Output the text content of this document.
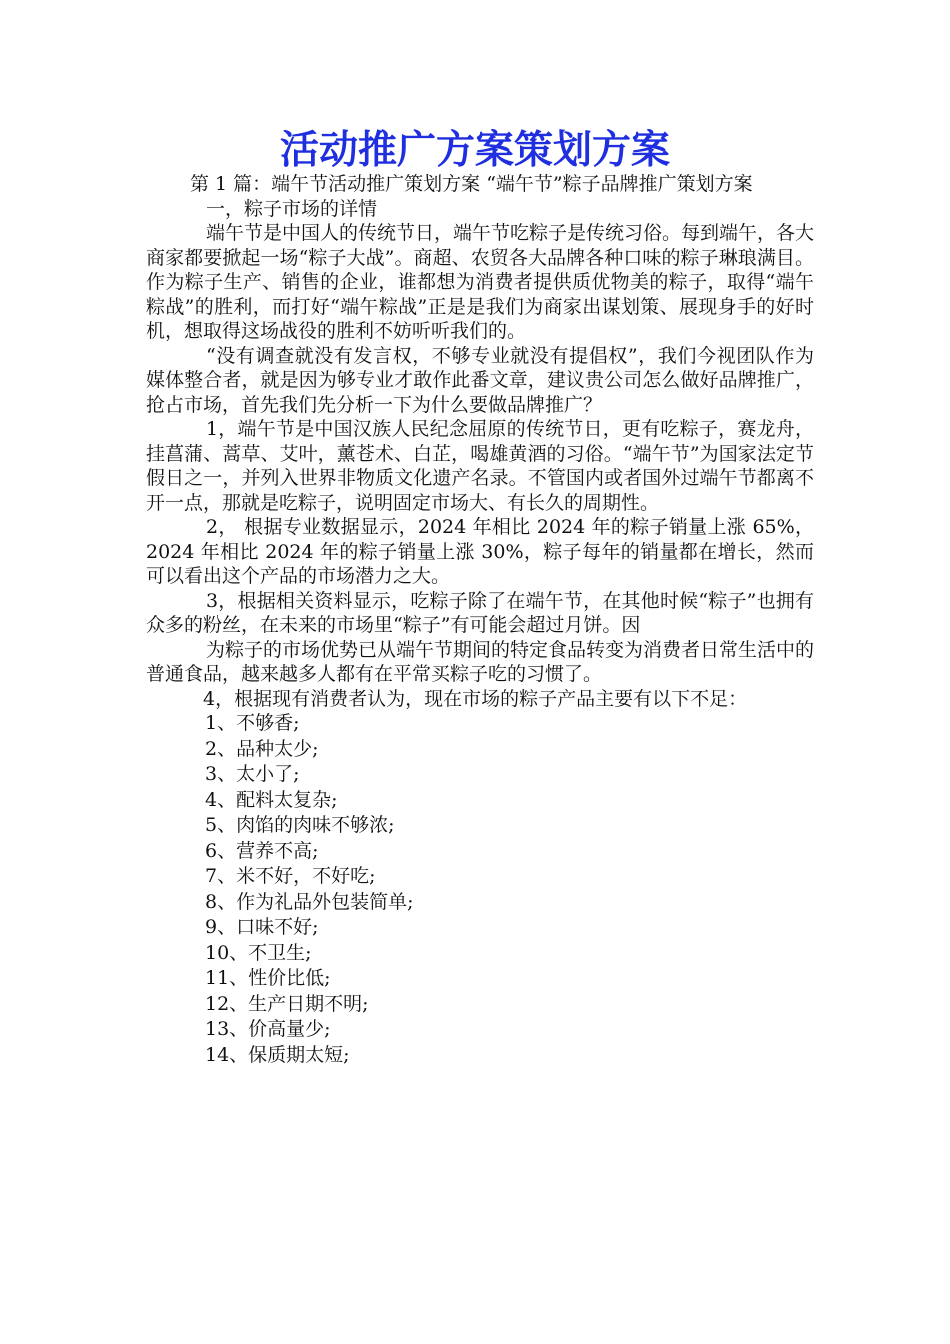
活动推广方案策划方案

第 1 篇：端午节活动推广策划方案 “端午节”粽子品牌推广策划方案

一，粽子市场的详情

端午节是中国人的传统节日，端午节吃粽子是传统习俗。每到端午，各大商家都要掀起一场“粽子大战”。商超、农贸各大品牌各种口味的粽子琳琅满目。作为粽子生产、销售的企业，谁都想为消费者提供质优物美的粽子，取得“端午粽战”的胜利，而打好“端午粽战”正是是我们为商家出谋划策、展现身手的好时机，想取得这场战役的胜利不妨听听我们的。

“没有调查就没有发言权，不够专业就没有提倡权”，我们今视团队作为媒体整合者，就是因为够专业才敢作此番文章，建议贵公司怎么做好品牌推广，抢占市场，首先我们先分析一下为什么要做品牌推广？

1，端午节是中国汉族人民纪念屈原的传统节日，更有吃粽子，赛龙舟，挂菖蒲、蒿草、艾叶，薰苍术、白芷，喝雄黄酒的习俗。“端午节”为国家法定节假日之一，并列入世界非物质文化遗产名录。不管国内或者国外过端午节都离不开一点，那就是吃粽子，说明固定市场大、有长久的周期性。

2， 根据专业数据显示，2024 年相比 2024 年的粽子销量上涨 65%，2024 年相比 2024 年的粽子销量上涨 30%，粽子每年的销量都在增长，然而可以看出这个产品的市场潜力之大。

3，根据相关资料显示，吃粽子除了在端午节，在其他时候“粽子”也拥有众多的粉丝，在未来的市场里“粽子”有可能会超过月饼。因

为粽子的市场优势已从端午节期间的特定食品转变为消费者日常生活中的普通食品，越来越多人都有在平常买粽子吃的习惯了。

4，根据现有消费者认为，现在市场的粽子产品主要有以下不足：

1、不够香;
2、品种太少;
3、太小了;
4、配料太复杂;
5、肉馅的肉味不够浓;
6、营养不高;
7、米不好，不好吃;
8、作为礼品外包装简单;
9、口味不好;
10、不卫生;
11、性价比低;
12、生产日期不明;
13、价高量少;
14、保质期太短;
